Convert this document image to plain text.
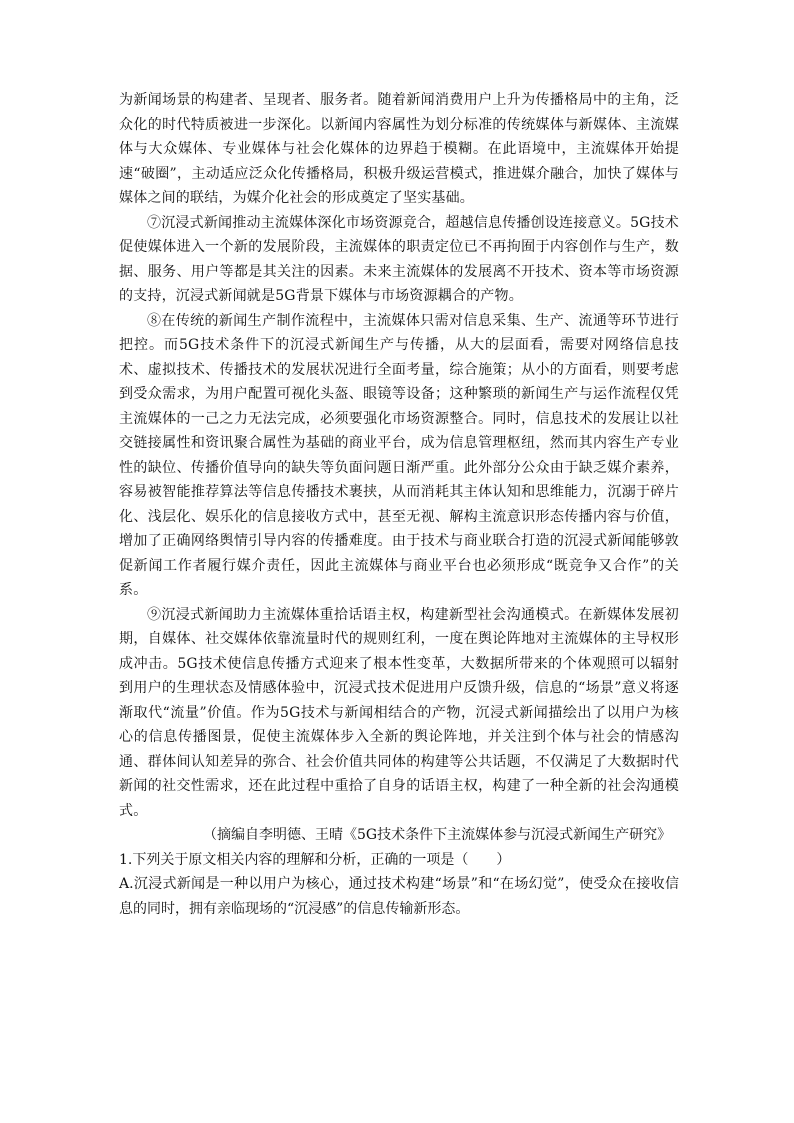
为新闻场景的构建者、呈现者、服务者。随着新闻消费用户上升为传播格局中的主角，泛众化的时代特质被进一步深化。以新闻内容属性为划分标准的传统媒体与新媒体、主流媒体与大众媒体、专业媒体与社会化媒体的边界趋于模糊。在此语境中，主流媒体开始提速“破圈”，主动适应泛众化传播格局，积极升级运营模式，推进媒介融合，加快了媒体与媒体之间的联结，为媒介化社会的形成奠定了坚实基础。

⑦沉浸式新闻推动主流媒体深化市场资源竞合，超越信息传播创设连接意义。5G技术促使媒体进入一个新的发展阶段，主流媒体的职责定位已不再拘囿于内容创作与生产，数据、服务、用户等都是其关注的因素。未来主流媒体的发展离不开技术、资本等市场资源的支持，沉浸式新闻就是5G背景下媒体与市场资源耦合的产物。

⑧在传统的新闻生产制作流程中，主流媒体只需对信息采集、生产、流通等环节进行把控。而5G技术条件下的沉浸式新闻生产与传播，从大的层面看，需要对网络信息技术、虚拟技术、传播技术的发展状况进行全面考量，综合施策；从小的方面看，则要考虑到受众需求，为用户配置可视化头盔、眼镜等设备；这种繁琐的新闻生产与运作流程仅凭主流媒体的一己之力无法完成，必须要强化市场资源整合。同时，信息技术的发展让以社交链接属性和资讯聚合属性为基础的商业平台，成为信息管理枢纽，然而其内容生产专业性的缺位、传播价值导向的缺失等负面问题日渐严重。此外部分公众由于缺乏媒介素养，容易被智能推荐算法等信息传播技术裹挟，从而消耗其主体认知和思维能力，沉溺于碎片化、浅层化、娱乐化的信息接收方式中，甚至无视、解构主流意识形态传播内容与价值，增加了正确网络舆情引导内容的传播难度。由于技术与商业联合打造的沉浸式新闻能够敦促新闻工作者履行媒介责任，因此主流媒体与商业平台也必须形成“既竞争又合作”的关系。

⑨沉浸式新闻助力主流媒体重拾话语主权，构建新型社会沟通模式。在新媒体发展初期，自媒体、社交媒体依靠流量时代的规则红利，一度在舆论阵地对主流媒体的主导权形成冲击。5G技术使信息传播方式迎来了根本性变革，大数据所带来的个体观照可以辐射到用户的生理状态及情感体验中，沉浸式技术促进用户反馈升级，信息的“场景”意义将逐渐取代“流量”价值。作为5G技术与新闻相结合的产物，沉浸式新闻描绘出了以用户为核心的信息传播图景，促使主流媒体步入全新的舆论阵地，并关注到个体与社会的情感沟通、群体间认知差异的弥合、社会价值共同体的构建等公共话题，不仅满足了大数据时代新闻的社交性需求，还在此过程中重拾了自身的话语主权，构建了一种全新的社会沟通模式。

（摘编自李明德、王晴《5G技术条件下主流媒体参与沉浸式新闻生产研究》

1.下列关于原文相关内容的理解和分析，正确的一项是（　　）

A.沉浸式新闻是一种以用户为核心，通过技术构建“场景”和“在场幻觉”，使受众在接收信息的同时，拥有亲临现场的“沉浸感”的信息传输新形态。
